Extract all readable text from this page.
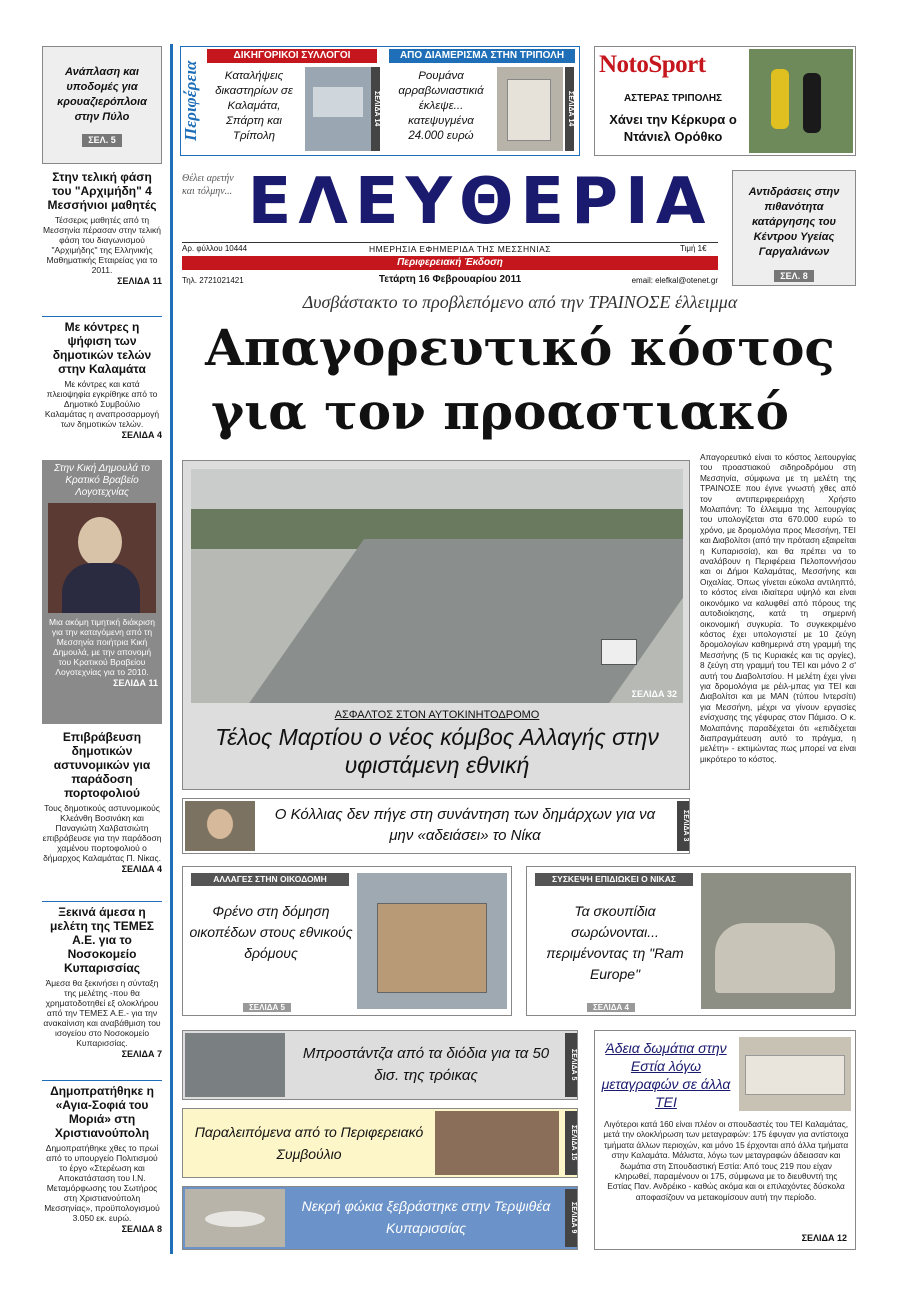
Ανάπλαση και υποδομές για κρουαζιερόπλοια στην Πύλο
ΣΕΛ. 5
Στην τελική φάση του "Αρχιμήδη" 4 Μεσσήνιοι μαθητές
Τέσσερις μαθητές από τη Μεσσηνία πέρασαν στην τελική φάση του διαγωνισμού "Αρχιμήδης" της Ελληνικής Μαθηματικής Εταιρείας για το 2011.
ΣΕΛΙΔΑ 11
Με κόντρες η ψήφιση των δημοτικών τελών στην Καλαμάτα
Με κόντρες και κατά πλειοψηφία εγκρίθηκε από το Δημοτικό Συμβούλιο Καλαμάτας η αναπροσαρμογή των δημοτικών τελών.
ΣΕΛΙΔΑ 4
Στην Κική Δημουλά το Κρατικό Βραβείο Λογοτεχνίας
Μια ακόμη τιμητική διάκριση για την καταγόμενη από τη Μεσσηνία ποιήτρια Κική Δημουλά, με την απονομή του Κρατικού Βραβείου Λογοτεχνίας για το 2010.
ΣΕΛΙΔΑ 11
Επιβράβευση δημοτικών αστυνομικών για παράδοση πορτοφολιού
Τους δημοτικούς αστυνομικούς Κλεάνθη Βοσινάκη και Παναγιώτη Χαλβατσιώτη επιβράβευσε για την παράδοση χαμένου πορτοφολιού ο δήμαρχος Καλαμάτας Π. Νίκας.
ΣΕΛΙΔΑ 4
Ξεκινά άμεσα η μελέτη της ΤΕΜΕΣ Α.Ε. για το Νοσοκομείο Κυπαρισσίας
Άμεσα θα ξεκινήσει η σύνταξη της μελέτης -που θα χρηματοδοτηθεί εξ ολοκλήρου από την ΤΕΜΕΣ Α.Ε.- για την ανακαίνιση και αναβάθμιση του ισογείου στο Νοσοκομείο Κυπαρισσίας.
ΣΕΛΙΔΑ 7
Δημοπρατήθηκε η «Αγια-Σοφιά του Μοριά» στη Χριστιανούπολη
Δημοπρατήθηκε χθες το πρωί από το υπουργείο Πολιτισμού το έργο «Στερέωση και Αποκατάσταση του Ι.Ν. Μεταμόρφωσης του Σωτήρος στη Χριστιανούπολη Μεσσηνίας», προϋπολογισμού 3.050 εκ. ευρώ.
ΣΕΛΙΔΑ 8
Περιφέρεια
ΔΙΚΗΓΟΡΙΚΟΙ ΣΥΛΛΟΓΟΙ
Καταλήψεις δικαστηρίων σε Καλαμάτα, Σπάρτη και Τρίπολη
ΣΕΛΙΔΑ 14
ΑΠΟ ΔΙΑΜΕΡΙΣΜΑ ΣΤΗΝ ΤΡΙΠΟΛΗ
Ρουμάνα αρραβωνιαστικιά έκλεψε... κατεψυγμένα 24.000 ευρώ
ΣΕΛΙΔΑ 14
NotoSport
ΑΣΤΕΡΑΣ ΤΡΙΠΟΛΗΣ
Χάνει την Κέρκυρα ο Ντάνιελ Ορόθκο
Θέλει αρετήν και τόλμην... ΕΛΕΥΘΕΡΙΑ
Αρ. φύλλου 10444	ΗΜΕΡΗΣΙΑ ΕΦΗΜΕΡΙΔΑ ΤΗΣ ΜΕΣΣΗΝΙΑΣ	Τιμή 1€
Περιφερειακή Έκδοση
Τηλ. 2721021421	Τετάρτη 16 Φεβρουαρίου 2011	email: elefkal@otenet.gr
Αντιδράσεις στην πιθανότητα κατάργησης του Κέντρου Υγείας Γαργαλιάνων
ΣΕΛ. 8
Δυσβάστακτο το προβλεπόμενο από την ΤΡΑΙΝΟΣΕ έλλειμμα
Απαγορευτικό κόστος
για τον προαστιακό
ΣΕΛΙΔΑ 32
ΑΣΦΑΛΤΟΣ ΣΤΟΝ ΑΥΤΟΚΙΝΗΤΟΔΡΟΜΟ
Τέλος Μαρτίου ο νέος κόμβος Αλλαγής στην υφιστάμενη εθνική
Απαγορευτικό είναι το κόστος λειτουργίας του προαστιακού σιδηροδρόμου στη Μεσσηνία, σύμφωνα με τη μελέτη της ΤΡΑΙΝΟΣΕ που έγινε γνωστή χθες από τον αντιπεριφερειάρχη Χρήστο Μολαπάνη: Το έλλειμμα της λειτουργίας του υπολογίζεται στα 670.000 ευρώ το χρόνο, με δρομολόγια προς Μεσσήνη, ΤΕΙ και Διαβολίτσι (από την πρόταση εξαιρείται η Κυπαρισσία), και θα πρέπει να το αναλάβουν η Περιφέρεια Πελοποννήσου και οι Δήμοι Καλαμάτας, Μεσσήνης και Οιχαλίας. Όπως γίνεται εύκολα αντιληπτό, το κόστος είναι ιδιαίτερα υψηλό και είναι οικονόμικο να καλυφθεί από πόρους της αυτοδιοίκησης, κατά τη σημερινή οικονομική συγκυρία. Το συγκεκριμένο κόστος έχει υπολογιστεί με 10 ζεύγη δρομολογίων καθημερινά στη γραμμή της Μεσσήνης (5 τις Κυριακές και τις αργίες), 8 ζεύγη στη γραμμή του ΤΕΙ και μόνο 2 σ' αυτή του Διαβολιτσίου. Η μελέτη έχει γίνει για δρομολόγια με ρέιλ-μπας για ΤΕΙ και Διαβολίτσι και με ΜΑΝ (τύπου Ιντερσίτι) για Μεσσήνη, μέχρι να γίνουν εργασίες ενίσχυσης της γέφυρας στον Πάμισο. Ο κ. Μολαπάνης παραδέχεται ότι «επιδέχεται διαπραγμάτευση αυτό το πράγμα, η μελέτη» - εκτιμώντας πως μπορεί να είναι μικρότερο το κόστος.
Ο Κόλλιας δεν πήγε στη συνάντηση των δημάρχων για να μην «αδειάσει» το Νίκα	ΣΕΛΙΔΑ 3
ΑΛΛΑΓΕΣ ΣΤΗΝ ΟΙΚΟΔΟΜΗ
Φρένο στη δόμηση οικοπέδων στους εθνικούς δρόμους
ΣΕΛΙΔΑ 5
ΣΥΣΚΕΨΗ ΕΠΙΔΙΩΚΕΙ Ο ΝΙΚΑΣ
Τα σκουπίδια σωρώνονται... περιμένοντας τη "Ram Europe"
ΣΕΛΙΔΑ 4
Μπροστάντζα από τα διόδια για τα 50 δισ. της τρόικας	ΣΕΛΙΔΑ 5
Παραλειπόμενα από το Περιφερειακό Συμβούλιο	ΣΕΛΙΔΑ 15
Νεκρή φώκια ξεβράστηκε στην Τερψιθέα Κυπαρισσίας	ΣΕΛΙΔΑ 9
Άδεια δωμάτια στην Εστία λόγω μεταγραφών σε άλλα ΤΕΙ
Λιγότεροι κατά 160 είναι πλέον οι σπουδαστές του ΤΕΙ Καλαμάτας, μετά την ολοκλήρωση των μεταγραφών: 175 έφυγαν για αντίστοιχα τμήματα άλλων περιοχών, και μόνο 15 έρχονται από άλλα τμήματα στην Καλαμάτα. Μάλιστα, λόγω των μεταγραφών άδειασαν και δωμάτια στη Σπουδαστική Εστία: Από τους 219 που είχαν κληρωθεί, παραμένουν οι 175, σύμφωνα με το διευθυντή της Εστίας Παν. Ανδρέικο - καθώς ακόμα και οι επιλαχόντες δύσκολα αποφασίζουν να μετακομίσουν αυτή την περίοδο.
ΣΕΛΙΔΑ 12
